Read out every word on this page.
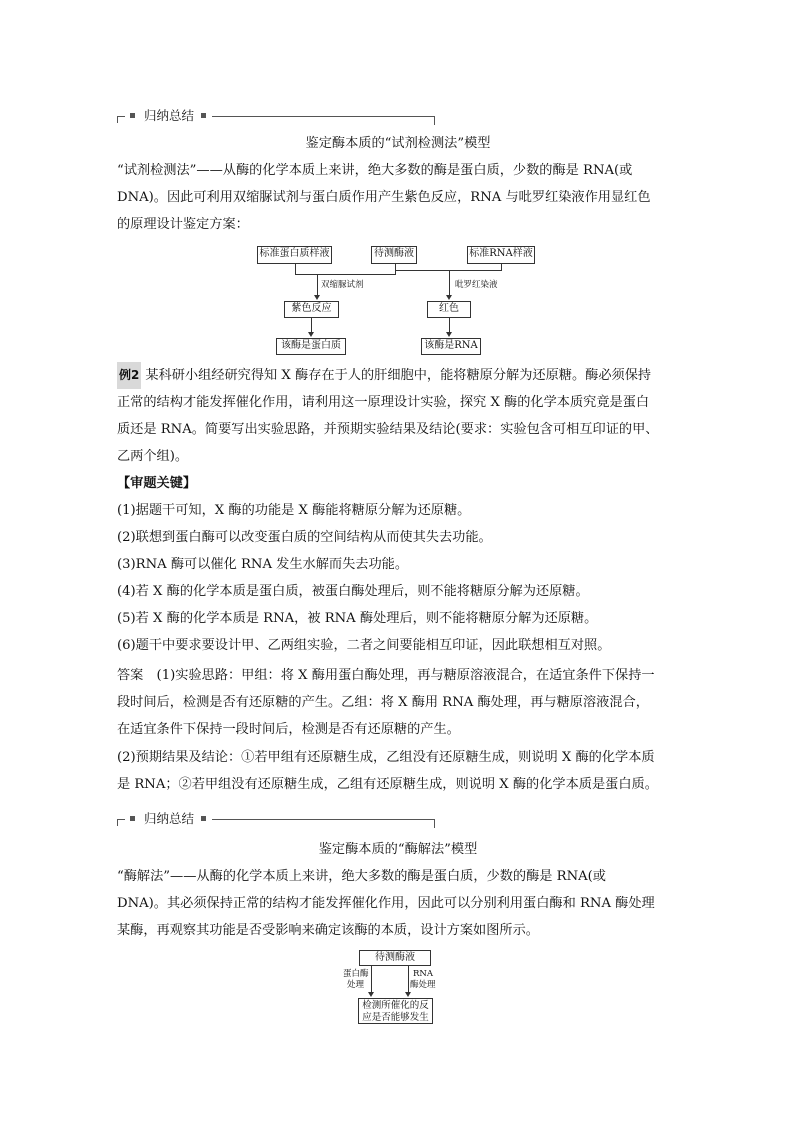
归纳总结
鉴定酶本质的“试剂检测法”模型
“试剂检测法”——从酶的化学本质上来讲，绝大多数的酶是蛋白质，少数的酶是 RNA(或
DNA)。因此可利用双缩脲试剂与蛋白质作用产生紫色反应，RNA 与吡罗红染液作用显红色
的原理设计鉴定方案：
标准蛋白质样液	待测酶液	标准RNA样液
双缩脲试剂	吡罗红染液
紫色反应	红色
该酶是蛋白质	该酶是RNA
例2 某科研小组经研究得知 X 酶存在于人的肝细胞中，能将糖原分解为还原糖。酶必须保持
正常的结构才能发挥催化作用，请利用这一原理设计实验，探究 X 酶的化学本质究竟是蛋白
质还是 RNA。简要写出实验思路，并预期实验结果及结论(要求：实验包含可相互印证的甲、
乙两个组)。
【审题关键】
(1)据题干可知，X 酶的功能是 X 酶能将糖原分解为还原糖。
(2)联想到蛋白酶可以改变蛋白质的空间结构从而使其失去功能。
(3)RNA 酶可以催化 RNA 发生水解而失去功能。
(4)若 X 酶的化学本质是蛋白质，被蛋白酶处理后，则不能将糖原分解为还原糖。
(5)若 X 酶的化学本质是 RNA，被 RNA 酶处理后，则不能将糖原分解为还原糖。
(6)题干中要求要设计甲、乙两组实验，二者之间要能相互印证，因此联想相互对照。
答案　(1)实验思路：甲组：将 X 酶用蛋白酶处理，再与糖原溶液混合，在适宜条件下保持一
段时间后，检测是否有还原糖的产生。乙组：将 X 酶用 RNA 酶处理，再与糖原溶液混合，
在适宜条件下保持一段时间后，检测是否有还原糖的产生。
(2)预期结果及结论：①若甲组有还原糖生成，乙组没有还原糖生成，则说明 X 酶的化学本质
是 RNA；②若甲组没有还原糖生成，乙组有还原糖生成，则说明 X 酶的化学本质是蛋白质。
归纳总结
鉴定酶本质的“酶解法”模型
“酶解法”——从酶的化学本质上来讲，绝大多数的酶是蛋白质，少数的酶是 RNA(或
DNA)。其必须保持正常的结构才能发挥催化作用，因此可以分别利用蛋白酶和 RNA 酶处理
某酶，再观察其功能是否受影响来确定该酶的本质，设计方案如图所示。
待测酶液
蛋白酶
处理
RNA
酶处理
检测所催化的反
应是否能够发生
